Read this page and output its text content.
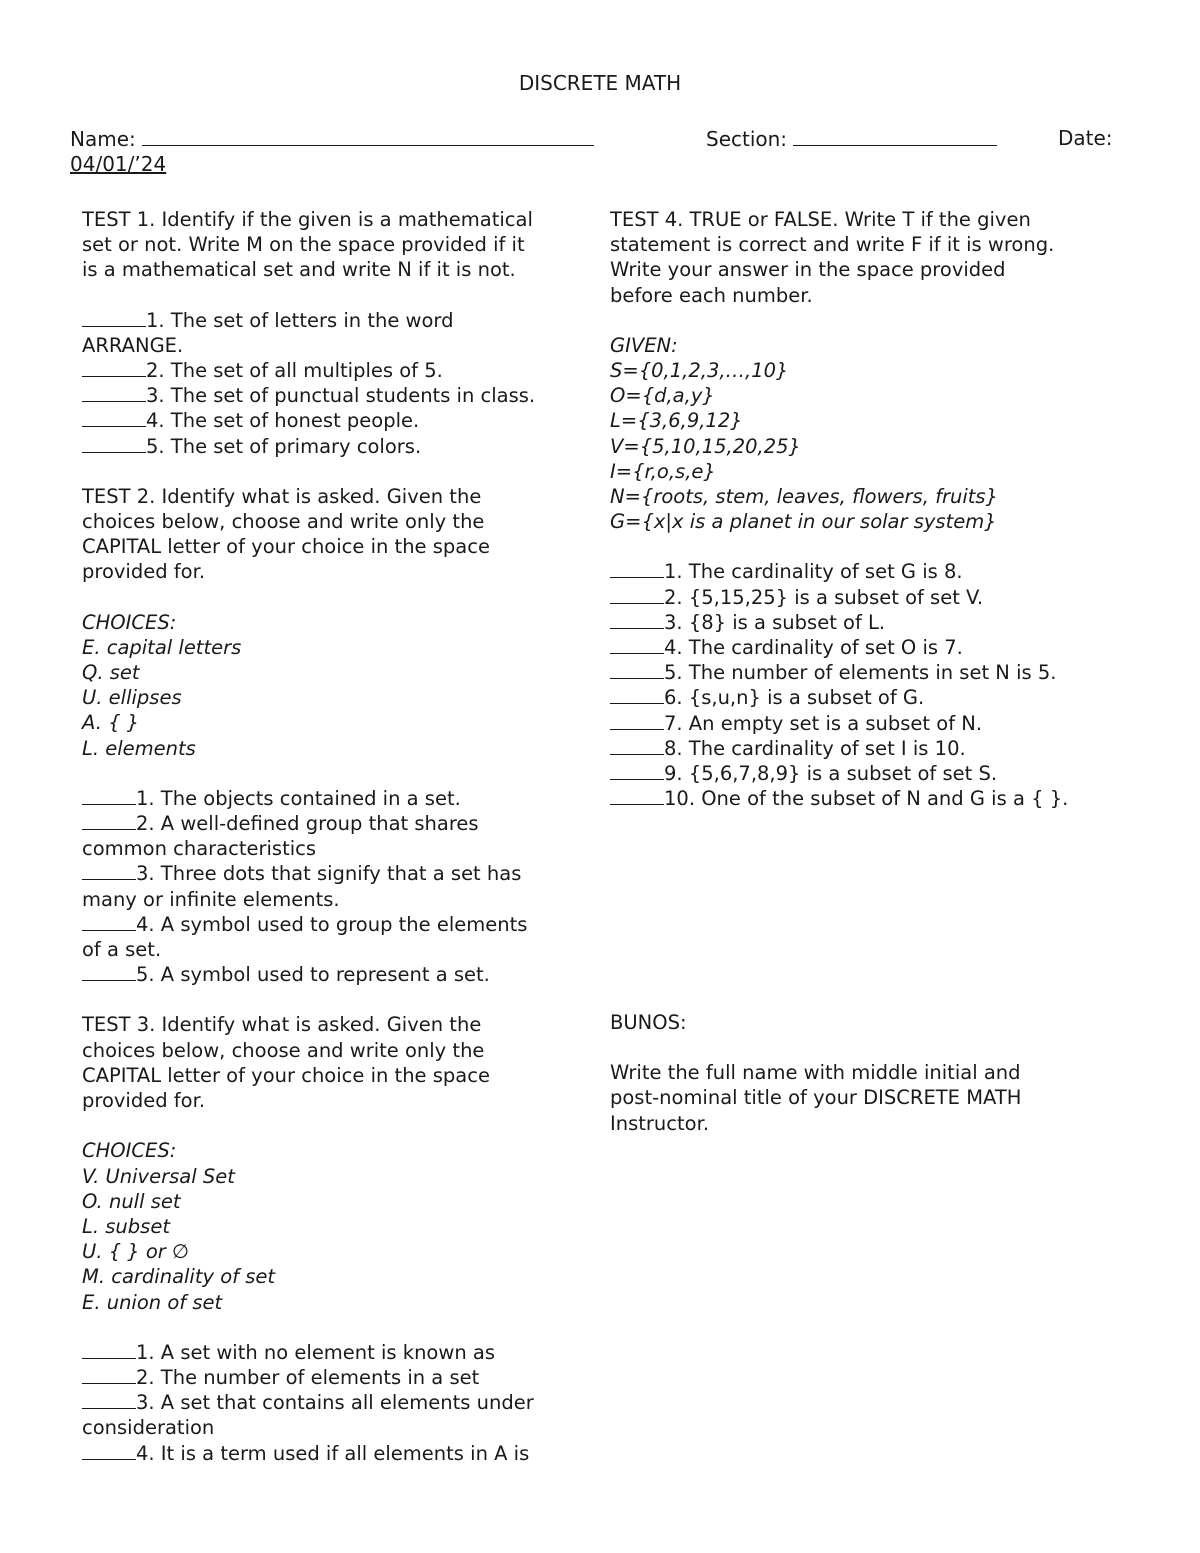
DISCRETE MATH
Name:	Section:	Date:
04/01/’24

TEST 1. Identify if the given is a mathematical

set or not. Write M on the space provided if it

is a mathematical set and write N if it is not.

1. The set of letters in the word

ARRANGE.

2. The set of all multiples of 5.

3. The set of punctual students in class.

4. The set of honest people.

5. The set of primary colors.

TEST 2. Identify what is asked. Given the

choices below, choose and write only the

CAPITAL letter of your choice in the space

provided for.

CHOICES:

E. capital letters

Q. set

U. ellipses

A. { }

L. elements

1. The objects contained in a set.

2. A well-defined group that shares

common characteristics

3. Three dots that signify that a set has

many or infinite elements.

4. A symbol used to group the elements

of a set.

5. A symbol used to represent a set.

TEST 3. Identify what is asked. Given the

choices below, choose and write only the

CAPITAL letter of your choice in the space

provided for.

CHOICES:

V. Universal Set

O. null set

L. subset

U. { } or ∅

M. cardinality of set

E. union of set

1. A set with no element is known as

2. The number of elements in a set

3. A set that contains all elements under

consideration

4. It is a term used if all elements in A is

TEST 4. TRUE or FALSE. Write T if the given

statement is correct and write F if it is wrong.

Write your answer in the space provided

before each number.

GIVEN:

S={0,1,2,3,…,10}

O={d,a,y}

L={3,6,9,12}

V={5,10,15,20,25}

I={r,o,s,e}

N={roots, stem, leaves, flowers, fruits}

G={x|x is a planet in our solar system}

1. The cardinality of set G is 8.

2. {5,15,25} is a subset of set V.

3. {8} is a subset of L.

4. The cardinality of set O is 7.

5. The number of elements in set N is 5.

6. {s,u,n} is a subset of G.

7. An empty set is a subset of N.

8. The cardinality of set I is 10.

9. {5,6,7,8,9} is a subset of set S.

10. One of the subset of N and G is a { }.

BUNOS:

Write the full name with middle initial and

post-nominal title of your DISCRETE MATH

Instructor.
